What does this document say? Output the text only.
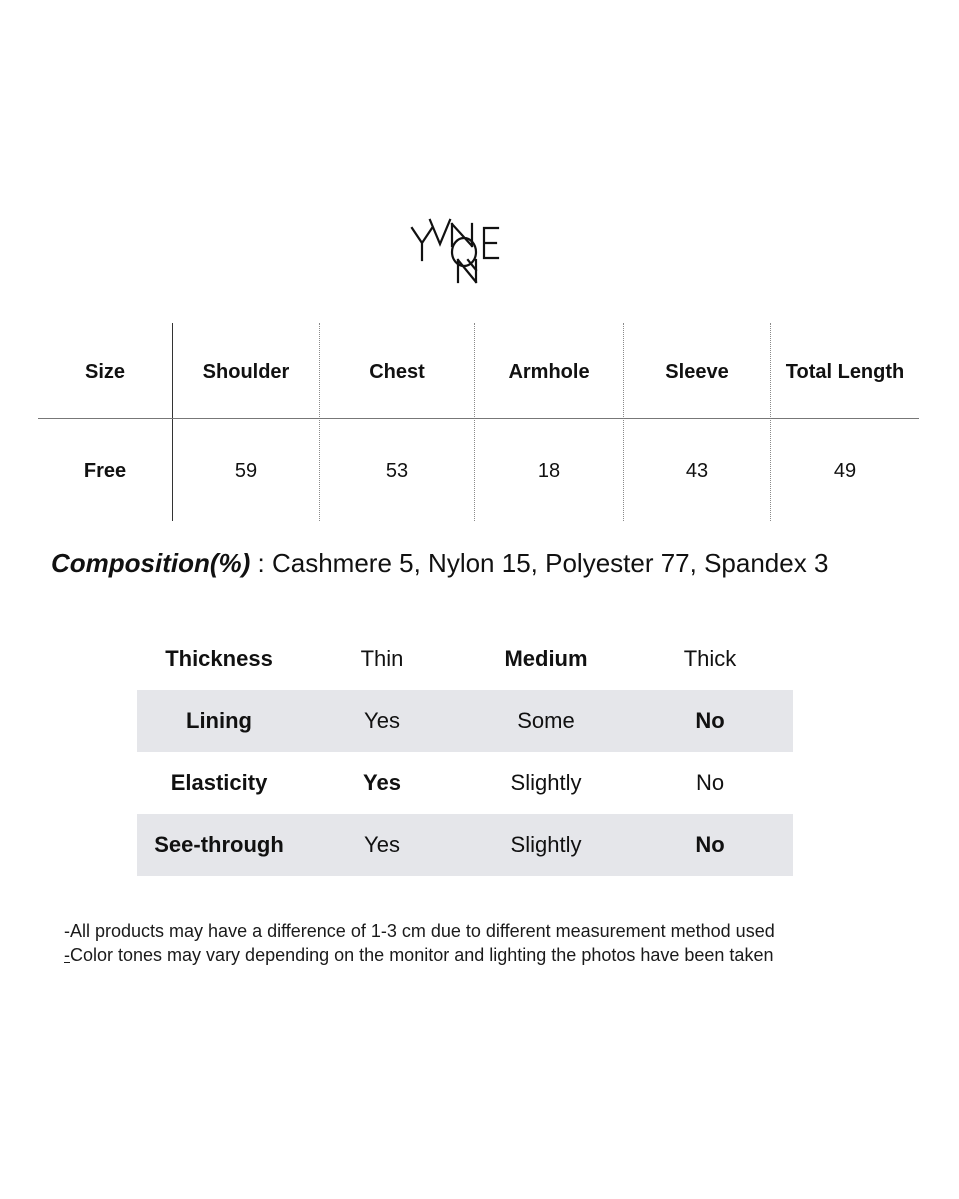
Size	Shoulder	Chest	Armhole	Sleeve	Total Length
Free	59	53	18	43	49
Composition(%) : Cashmere 5, Nylon 15, Polyester 77, Spandex 3
Thickness	Thin	Medium	Thick
Lining	Yes	Some	No
Elasticity	Yes	Slightly	No
See-through	Yes	Slightly	No
-All products may have a difference of 1-3 cm due to different measurement method used
-Color tones may vary depending on the monitor and lighting the photos have been taken
